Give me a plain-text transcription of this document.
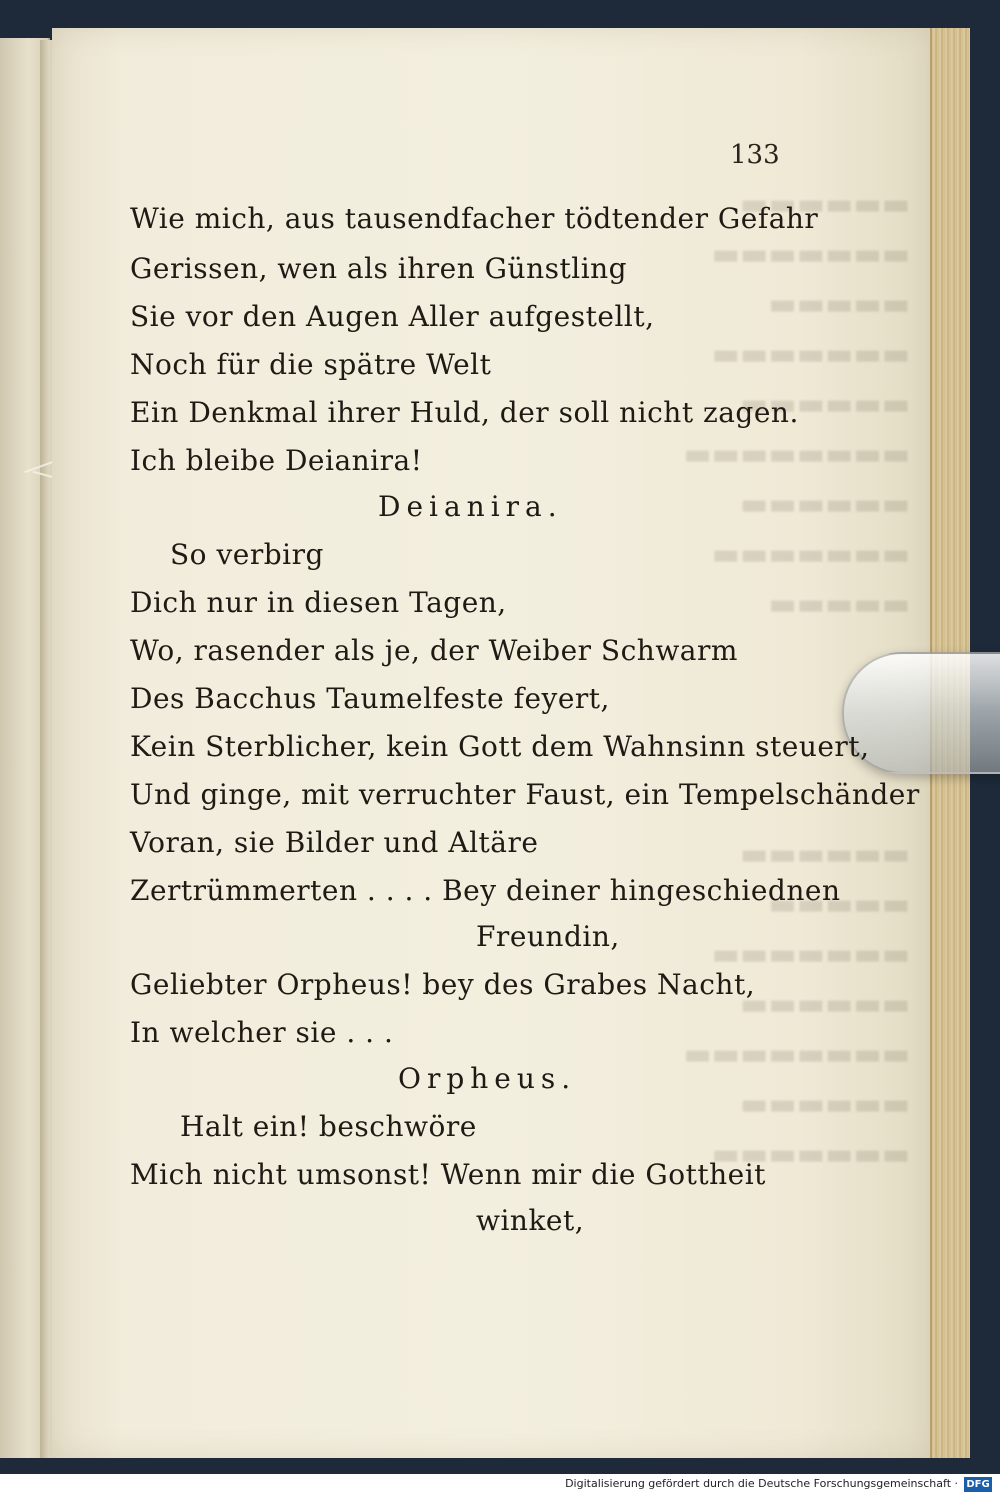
▬▬▬▬▬▬
▬▬▬▬▬▬▬
▬▬▬▬▬
▬▬▬▬▬▬▬
▬▬▬▬▬▬
▬▬▬▬▬▬▬▬
▬▬▬▬▬▬
▬▬▬▬▬▬▬
▬▬▬▬▬

▬▬▬▬▬▬
▬▬▬▬▬
▬▬▬▬▬▬▬
▬▬▬▬▬▬
▬▬▬▬▬▬▬▬
▬▬▬▬▬▬
▬▬▬▬▬▬▬
133
Wie mich, aus tausendfacher tödtender Gefahr
Gerissen, wen als ihren Günstling
Sie vor den Augen Aller aufgestellt,
Noch für die spätre Welt
Ein Denkmal ihrer Huld, der soll nicht zagen.
Ich bleibe Deianira!
Deianira.
So verbirg
Dich nur in diesen Tagen,
Wo, rasender als je, der Weiber Schwarm
Des Bacchus Taumelfeste feyert,
Kein Sterblicher, kein Gott dem Wahnsinn steuert,
Und ginge, mit verruchter Faust, ein Tempelschänder
Voran, sie Bilder und Altäre
Zertrümmerten . . . . Bey deiner hingeschiednen
Freundin,
Geliebter Orpheus! bey des Grabes Nacht,
In welcher sie . . .
Orpheus.
Halt ein! beschwöre
Mich nicht umsonst! Wenn mir die Gottheit
winket,
Digitalisierung gefördert durch die Deutsche Forschungsgemeinschaft · DFG
